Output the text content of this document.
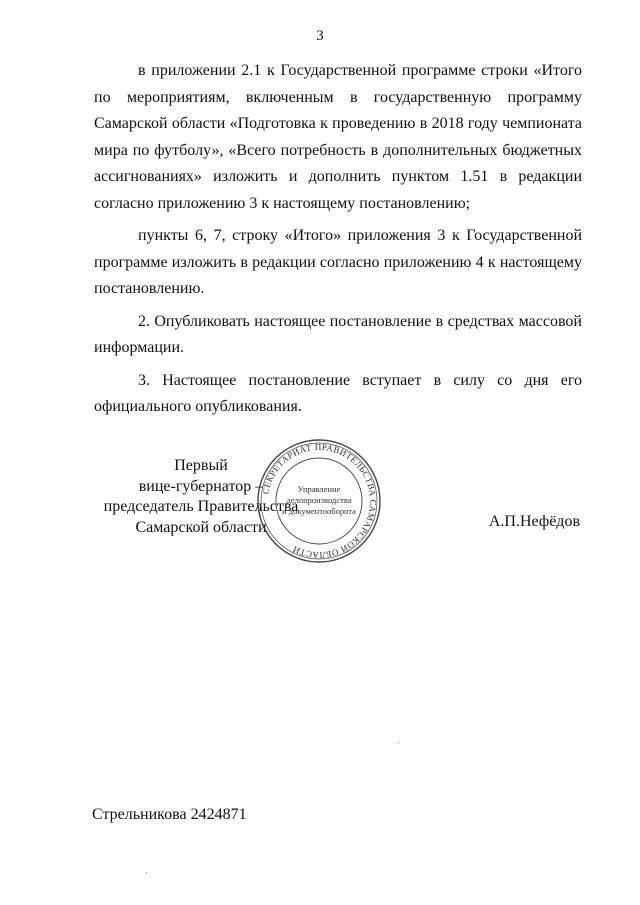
3

в приложении 2.1 к Государственной программе строки «Итого по мероприятиям, включенным в государственную программу Самарской области «Подготовка к проведению в 2018 году чемпионата мира по футболу», «Всего потребность в дополнительных бюджетных ассигнованиях» изложить и дополнить пунктом 1.51 в редакции согласно приложению 3 к настоящему постановлению;

пункты 6, 7, строку «Итого» приложения 3 к Государственной программе изложить в редакции согласно приложению 4 к настоящему постановлению.

2. Опубликовать настоящее постановление в средствах массовой информации.

3. Настоящее постановление вступает в силу со дня его официального опубликования.

Первый
вице-губернатор –
председатель Правительства
Самарской области
СЕКРЕТАРИАТ ПРАВИТЕЛЬСТВА САМАРСКОЙ ОБЛАСТИ
Управление
делопроизводства
и документооборота
А.П.Нефёдов
Стрельникова 2424871
